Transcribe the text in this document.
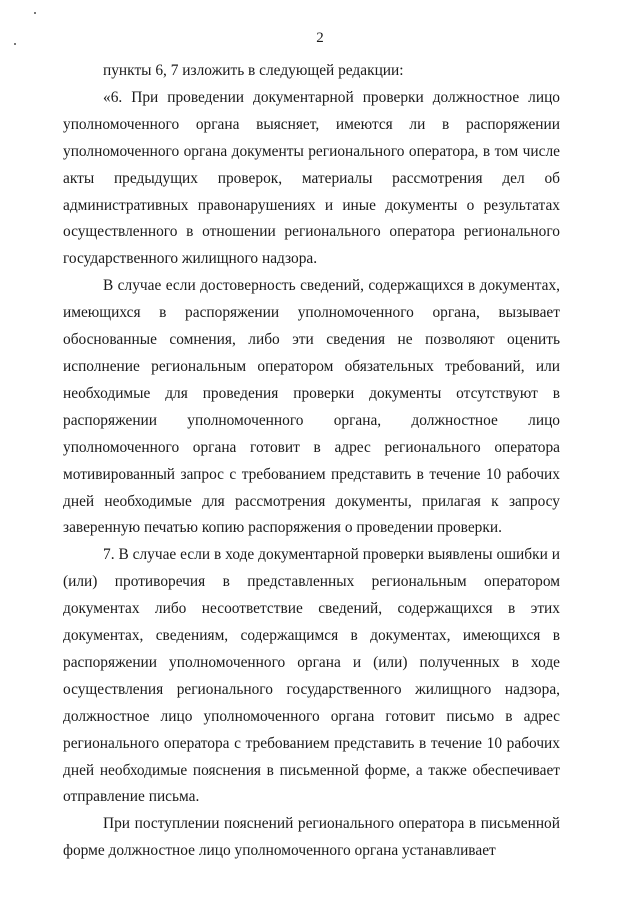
2

пункты 6, 7 изложить в следующей редакции:

«6. При проведении документарной проверки должностное лицо уполномоченного органа выясняет, имеются ли в распоряжении уполномоченного органа документы регионального оператора, в том числе акты предыдущих проверок, материалы рассмотрения дел об административных правонарушениях и иные документы о результатах осуществленного в отношении регионального оператора регионального государственного жилищного надзора.

В случае если достоверность сведений, содержащихся в документах, имеющихся в распоряжении уполномоченного органа, вызывает обоснованные сомнения, либо эти сведения не позволяют оценить исполнение региональным оператором обязательных требований, или необходимые для проведения проверки документы отсутствуют в распоряжении уполномоченного органа, должностное лицо уполномоченного органа готовит в адрес регионального оператора мотивированный запрос с требованием представить в течение 10 рабочих дней необходимые для рассмотрения документы, прилагая к запросу заверенную печатью копию распоряжения о проведении проверки.

7. В случае если в ходе документарной проверки выявлены ошибки и (или) противоречия в представленных региональным оператором документах либо несоответствие сведений, содержащихся в этих документах, сведениям, содержащимся в документах, имеющихся в распоряжении уполномоченного органа и (или) полученных в ходе осуществления регионального государственного жилищного надзора, должностное лицо уполномоченного органа готовит письмо в адрес регионального оператора с требованием представить в течение 10 рабочих дней необходимые пояснения в письменной форме, а также обеспечивает отправление письма.

При поступлении пояснений регионального оператора в письменной форме должностное лицо уполномоченного органа устанавливает
